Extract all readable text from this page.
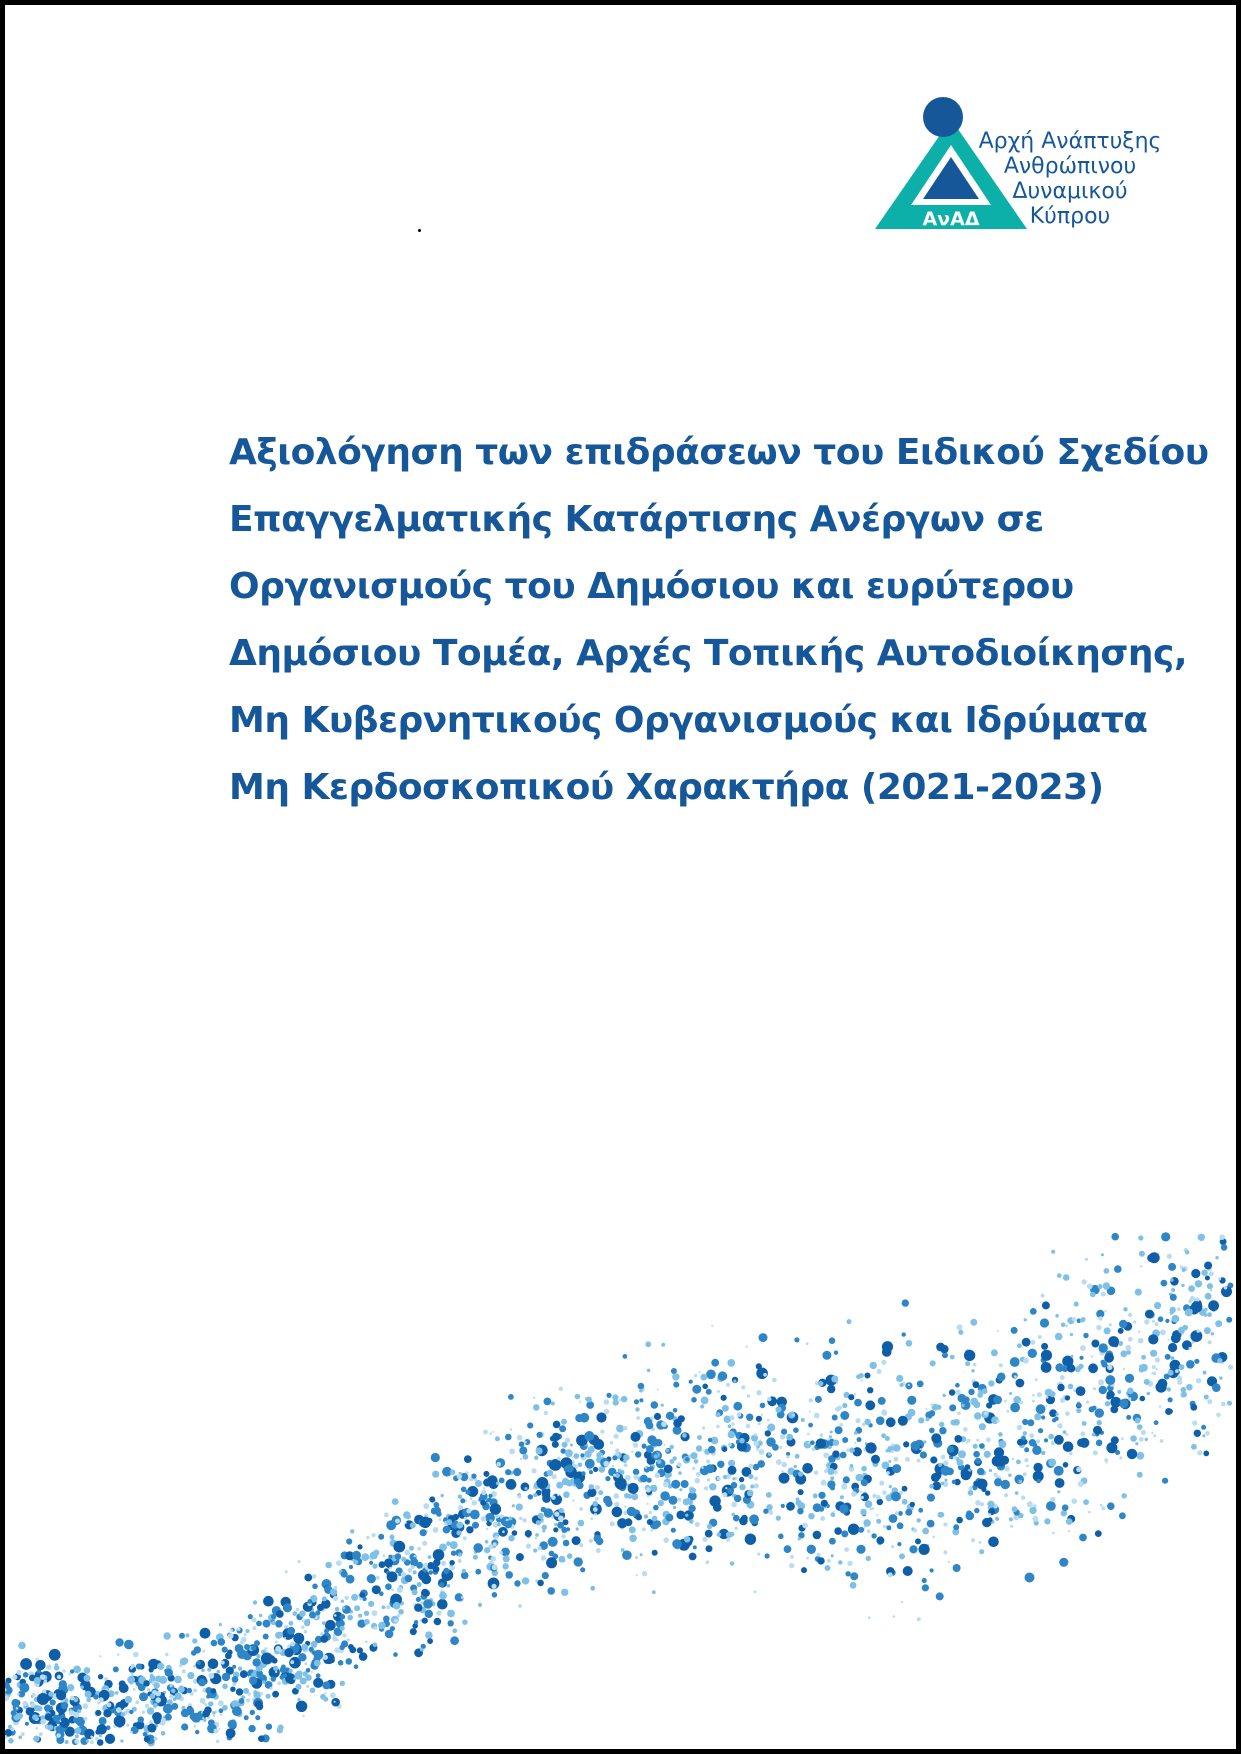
ΑνΑΔ
Αρχή Ανάπτυξης
Ανθρώπινου
Δυναμικού
Κύπρου
Αξιολόγηση των επιδράσεων του Ειδικού Σχεδίου
Επαγγελματικής Κατάρτισης Ανέργων σε
Οργανισμούς του Δημόσιου και ευρύτερου
Δημόσιου Τομέα, Αρχές Τοπικής Αυτοδιοίκησης,
Μη Κυβερνητικούς Οργανισμούς και Ιδρύματα
Μη Κερδοσκοπικού Χαρακτήρα (2021-2023)
